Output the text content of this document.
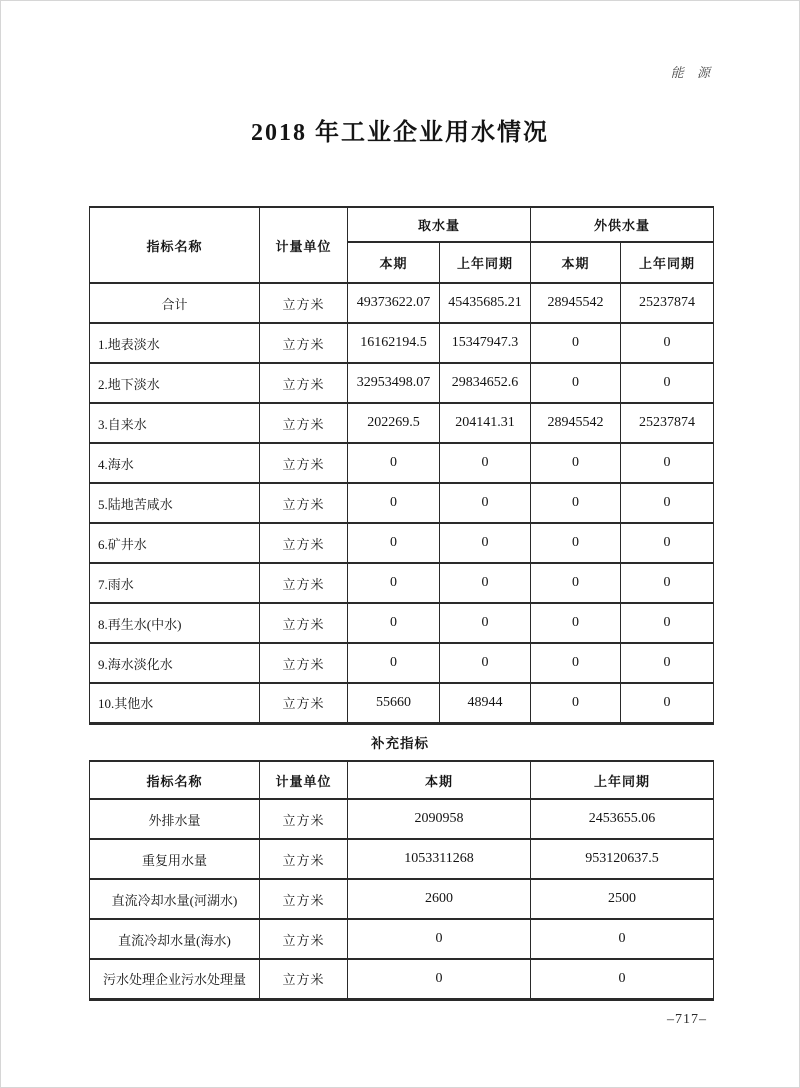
能 源
2018 年工业企业用水情况
指标名称	计量单位	取水量		外供水量	
		本期	上年同期	本期	上年同期
合计	立方米	49373622.07	45435685.21	28945542	25237874
1.地表淡水	立方米	16162194.5	15347947.3	0	0
2.地下淡水	立方米	32953498.07	29834652.6	0	0
3.自来水	立方米	202269.5	204141.31	28945542	25237874
4.海水	立方米	0	0	0	0
5.陆地苦咸水	立方米	0	0	0	0
6.矿井水	立方米	0	0	0	0
7.雨水	立方米	0	0	0	0
8.再生水(中水)	立方米	0	0	0	0
9.海水淡化水	立方米	0	0	0	0
10.其他水	立方米	55660	48944	0	0
补充指标
指标名称	计量单位	本期	上年同期
外排水量	立方米	2090958	2453655.06
重复用水量	立方米	1053311268	953120637.5
直流冷却水量(河湖水)	立方米	2600	2500
直流冷却水量(海水)	立方米	0	0
污水处理企业污水处理量	立方米	0	0
–717–
